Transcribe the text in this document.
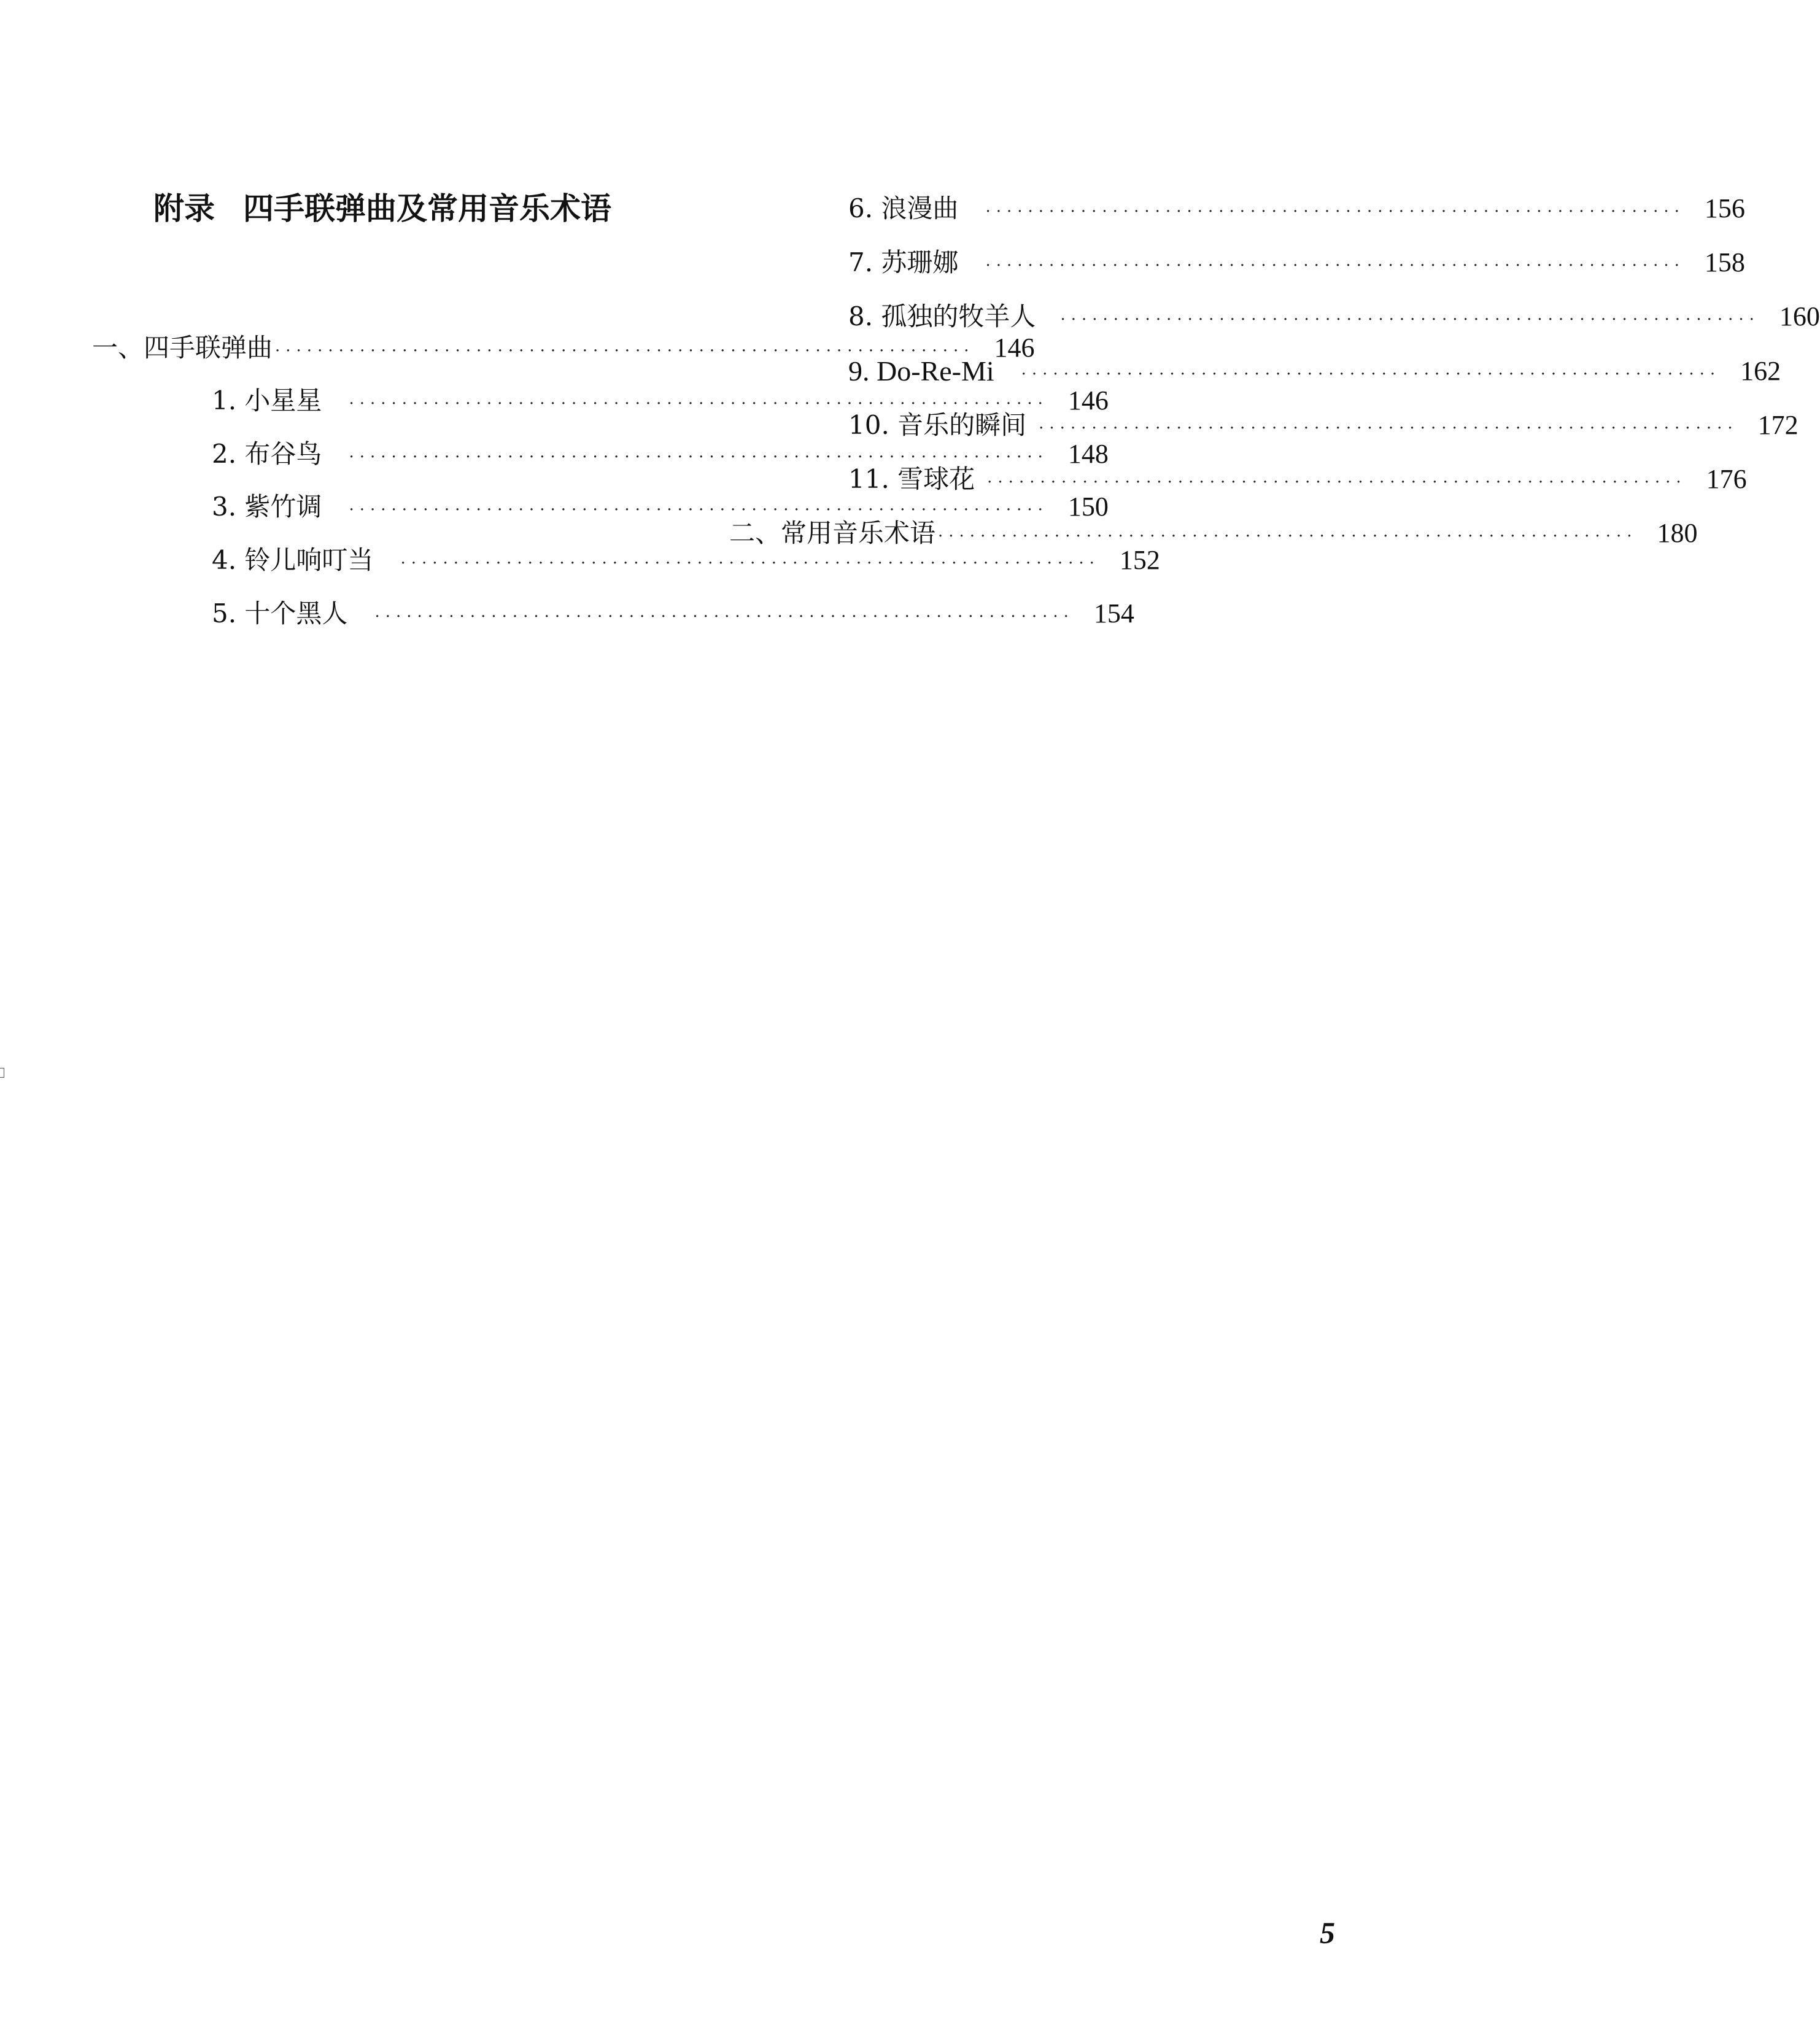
附录 四手联弹曲及常用音乐术语
一、四手联弹曲 ·································································· 146
1. 小星星 ·································································· 146
2. 布谷鸟 ·································································· 148
3. 紫竹调 ·································································· 150
4. 铃儿响叮当 ·································································· 152
5. 十个黑人 ·································································· 154
6. 浪漫曲 ·································································· 156
7. 苏珊娜 ·································································· 158
8. 孤独的牧羊人 ·································································· 160
9. Do-Re-Mi ·································································· 162
10. 音乐的瞬间 ·································································· 172
11. 雪球花 ·································································· 176
二、常用音乐术语 ·································································· 180
5
